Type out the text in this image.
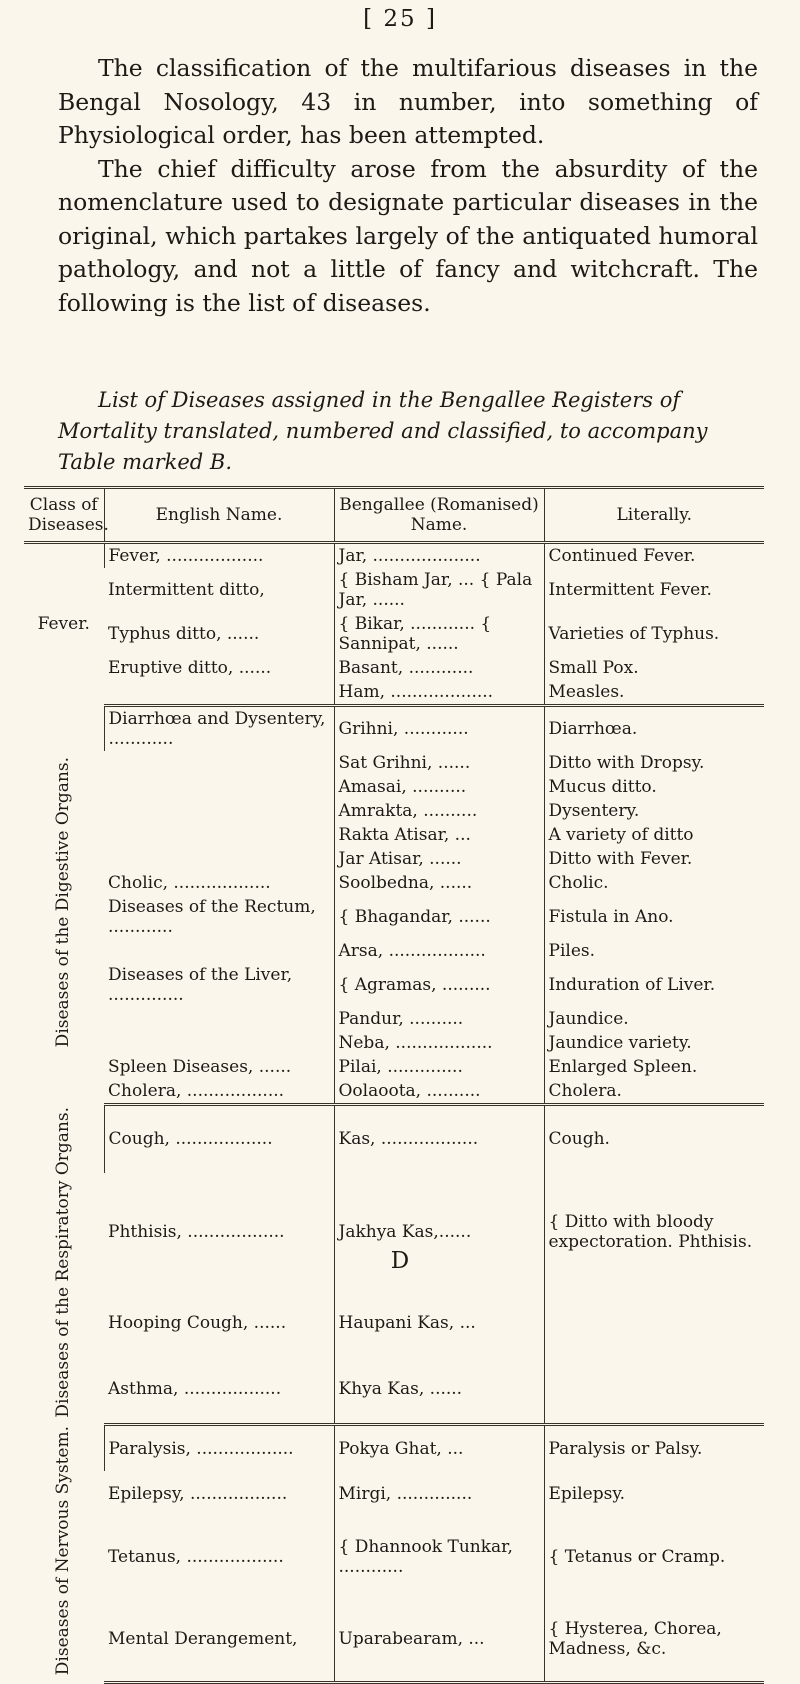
[ 25 ]

The classification of the multifarious diseases in the Bengal Nosology, 43 in number, into something of Physiological order, has been attempted.

The chief difficulty arose from the absurdity of the nomenclature used to designate particular diseases in the original, which partakes largely of the antiquated humoral pathology, and not a little of fancy and witchcraft. The following is the list of diseases.

List of Diseases assigned in the Bengallee Registers of Mortality translated, numbered and classified, to accompany Table marked B.
Class of Diseases.	English Name.	Bengallee (Romanised) Name.	Literally.
Fever.	Fever, ..................	Jar, ....................	Continued Fever.
	Intermittent ditto,	{ Bisham Jar, ... { Pala Jar, ......	Intermittent Fever.
	Typhus ditto, ......	{ Bikar, ............ { Sannipat, ......	Varieties of Typhus.
	Eruptive ditto, ......	Basant, ............	Small Pox.
		Ham, ...................	Measles.
Diseases of the Digestive Organs.	Diarrhœa and Dysentery, ............	Grihni, ............	Diarrhœa.
		Sat Grihni, ......	Ditto with Dropsy.
		Amasai, ..........	Mucus ditto.
		Amrakta, ..........	Dysentery.
		Rakta Atisar, ...	A variety of ditto
		Jar Atisar, ......	Ditto with Fever.
	Cholic, ..................	Soolbedna, ......	Cholic.
	Diseases of the Rectum, ............	{ Bhagandar, ......	Fistula in Ano.
		Arsa, ..................	Piles.
	Diseases of the Liver, ..............	{ Agramas, .........	Induration of Liver.
		Pandur, ..........	Jaundice.
		Neba, ..................	Jaundice variety.
	Spleen Diseases, ......	Pilai, ..............	Enlarged Spleen.
	Cholera, ..................	Oolaoota, ..........	Cholera.
Diseases of the Respiratory Organs.	Cough, ..................	Kas, ..................	Cough.
	Phthisis, ..................	Jakhya Kas,......	{ Ditto with bloody expectoration. Phthisis.
	Hooping Cough, ......	Haupani Kas, ...	
	Asthma, ..................	Khya Kas, ......	
Diseases of Nervous System.	Paralysis, ..................	Pokya Ghat, ...	Paralysis or Palsy.
	Epilepsy, ..................	Mirgi, ..............	Epilepsy.
	Tetanus, ..................	{ Dhannook Tunkar, ............	{ Tetanus or Cramp.
	Mental Derangement,	Uparabearam, ...	{ Hysterea, Chorea, Madness, &c.
D
